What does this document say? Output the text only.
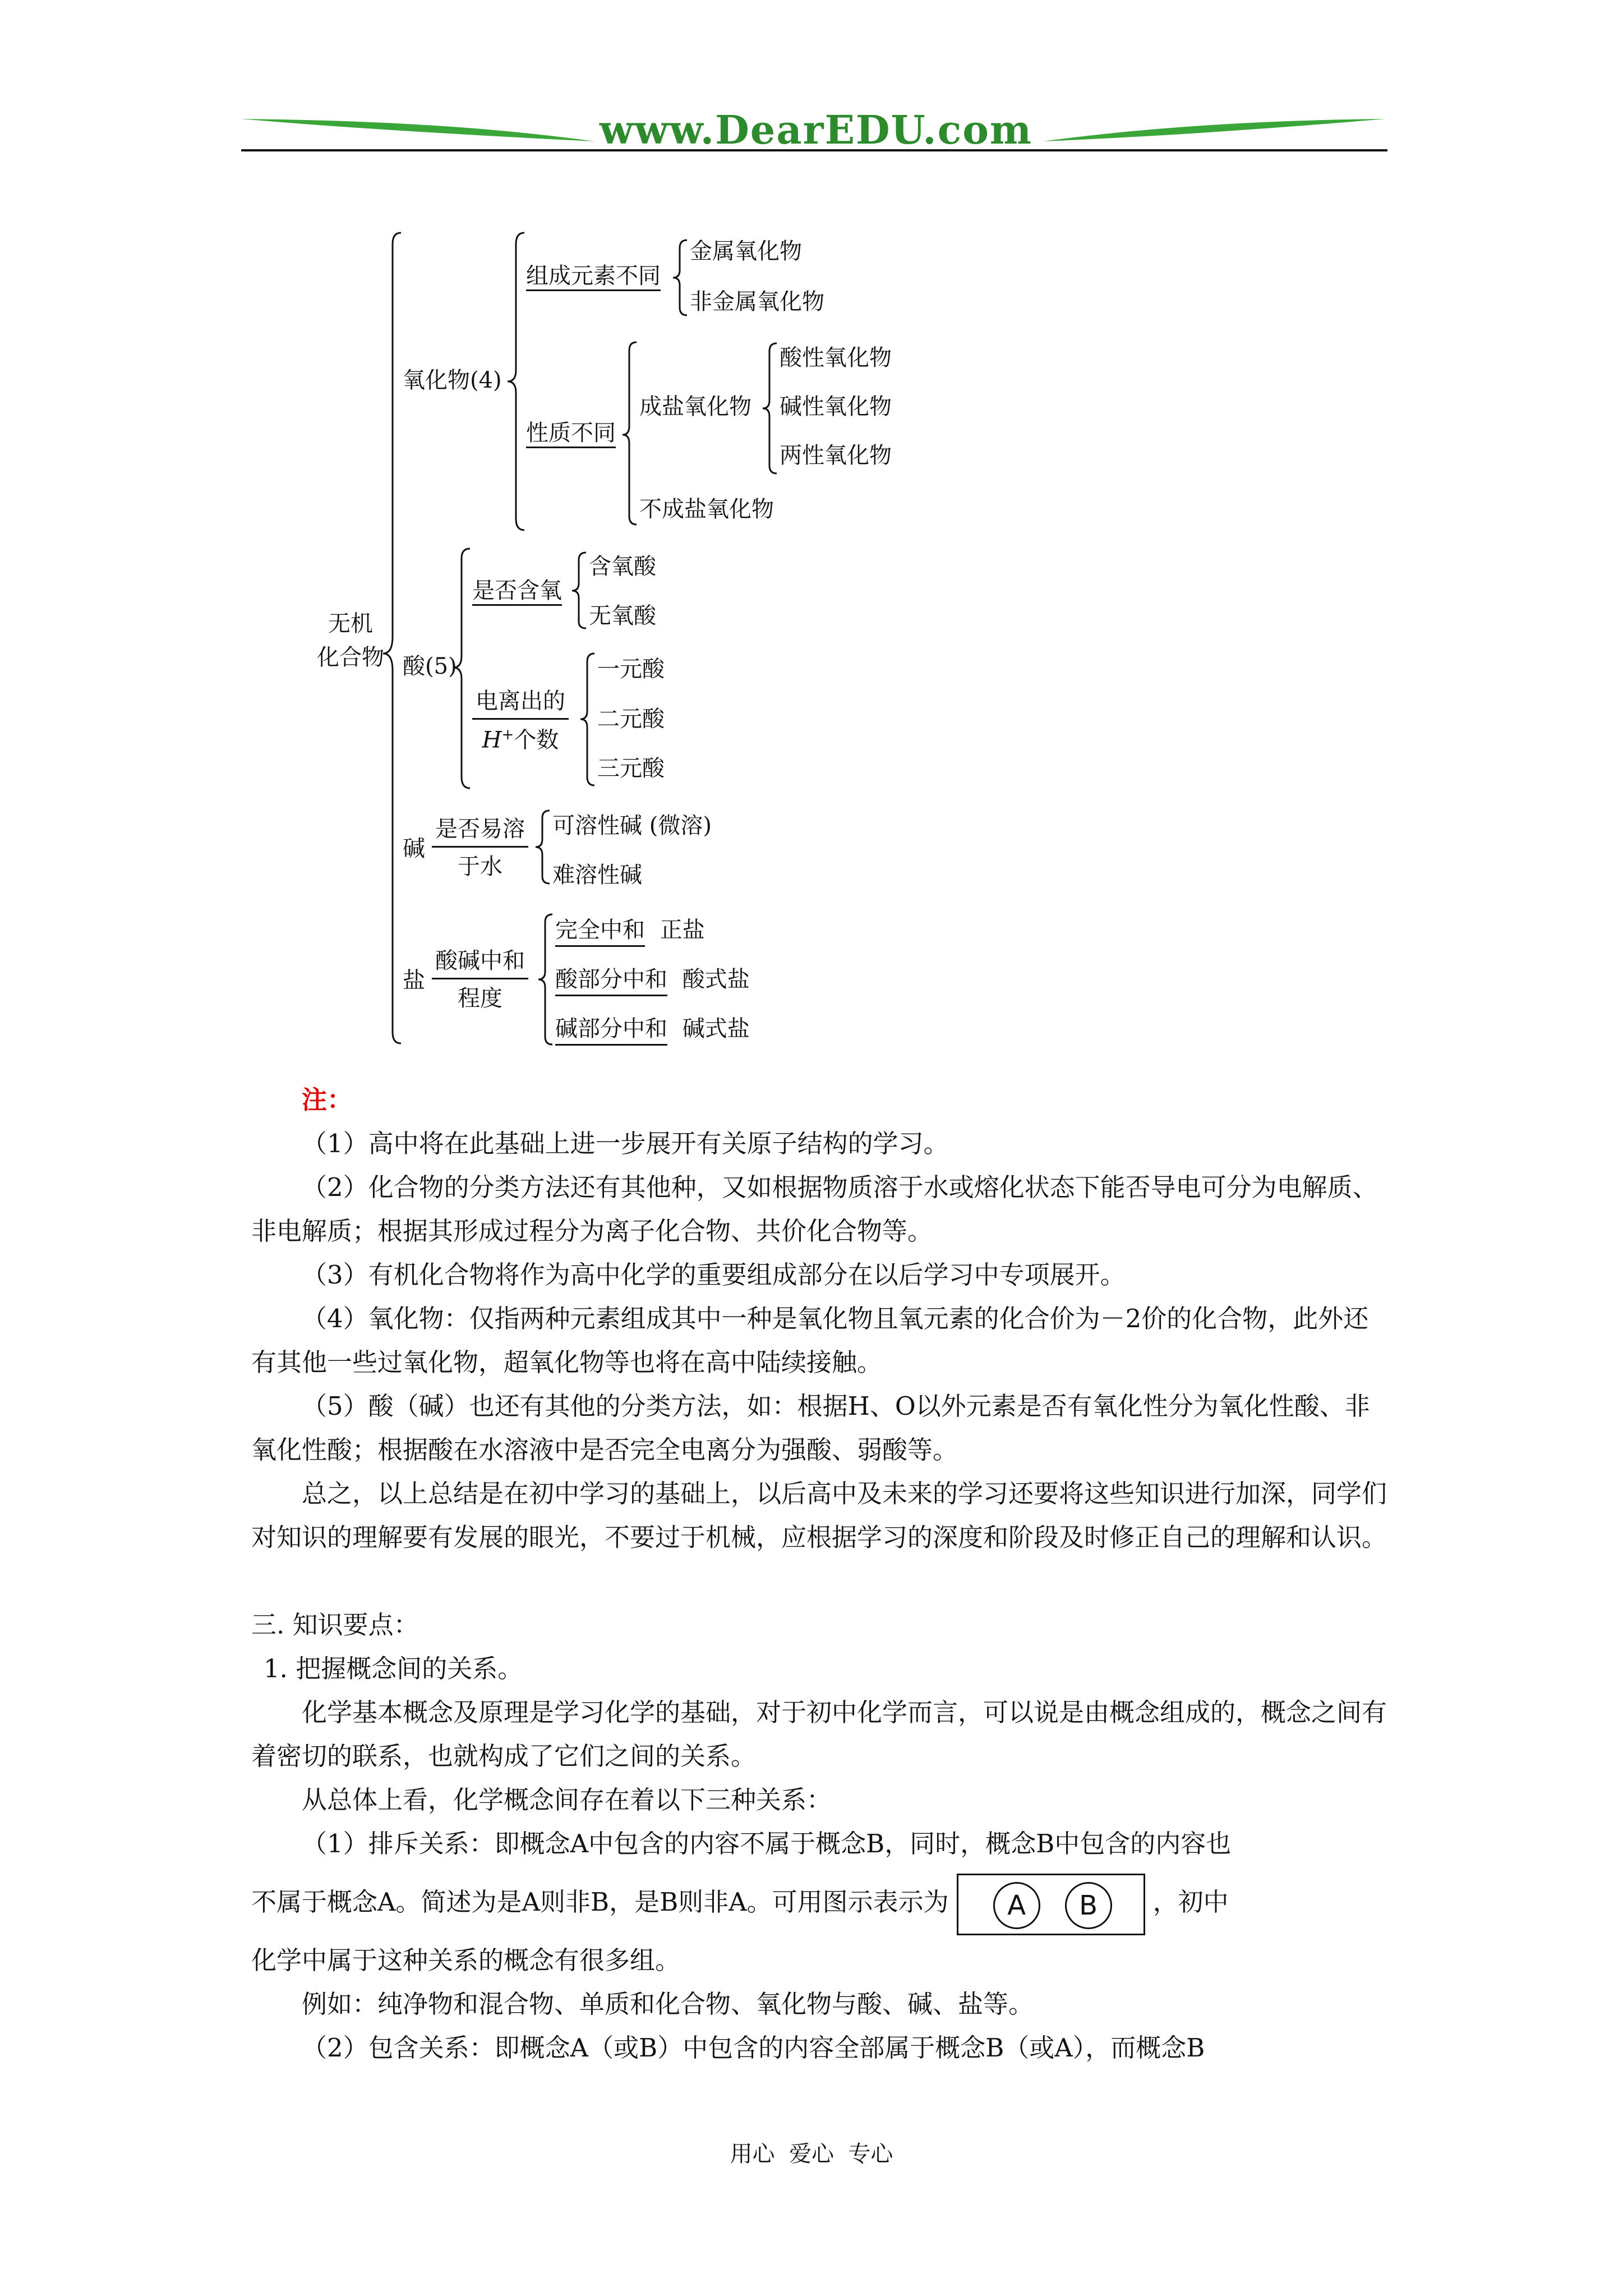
www.DearEDU.com
无机
化合物
氧化物(4)
组成元素不同
金属氧化物
非金属氧化物
性质不同
成盐氧化物
酸性氧化物
碱性氧化物
两性氧化物
不成盐氧化物
酸(5)
是否含氧
含氧酸
无氧酸
电离出的
H+个数
一元酸
二元酸
三元酸
碱
是否易溶
于水
可溶性碱 (微溶)
难溶性碱
盐
酸碱中和
程度
完全中和 正盐
酸部分中和 酸式盐
碱部分中和 碱式盐

注：

（1）高中将在此基础上进一步展开有关原子结构的学习。

（2）化合物的分类方法还有其他种，又如根据物质溶于水或熔化状态下能否导电可分为电解质、非电解质；根据其形成过程分为离子化合物、共价化合物等。

（3）有机化合物将作为高中化学的重要组成部分在以后学习中专项展开。

（4）氧化物：仅指两种元素组成其中一种是氧化物且氧元素的化合价为－2价的化合物，此外还有其他一些过氧化物，超氧化物等也将在高中陆续接触。

（5）酸（碱）也还有其他的分类方法，如：根据H、O以外元素是否有氧化性分为氧化性酸、非氧化性酸；根据酸在水溶液中是否完全电离分为强酸、弱酸等。

总之，以上总结是在初中学习的基础上，以后高中及未来的学习还要将这些知识进行加深，同学们对知识的理解要有发展的眼光，不要过于机械，应根据学习的深度和阶段及时修正自己的理解和认识。

三. 知识要点：

1. 把握概念间的关系。

化学基本概念及原理是学习化学的基础，对于初中化学而言，可以说是由概念组成的，概念之间有着密切的联系，也就构成了它们之间的关系。

从总体上看，化学概念间存在着以下三种关系：

（1）排斥关系：即概念A中包含的内容不属于概念B，同时，概念B中包含的内容也

不属于概念A。简述为是A则非B，是B则非A。可用图示表示为	A	B	，初中

化学中属于这种关系的概念有很多组。

例如：纯净物和混合物、单质和化合物、氧化物与酸、碱、盐等。

（2）包含关系：即概念A（或B）中包含的内容全部属于概念B（或A），而概念B

用心  爱心  专心
